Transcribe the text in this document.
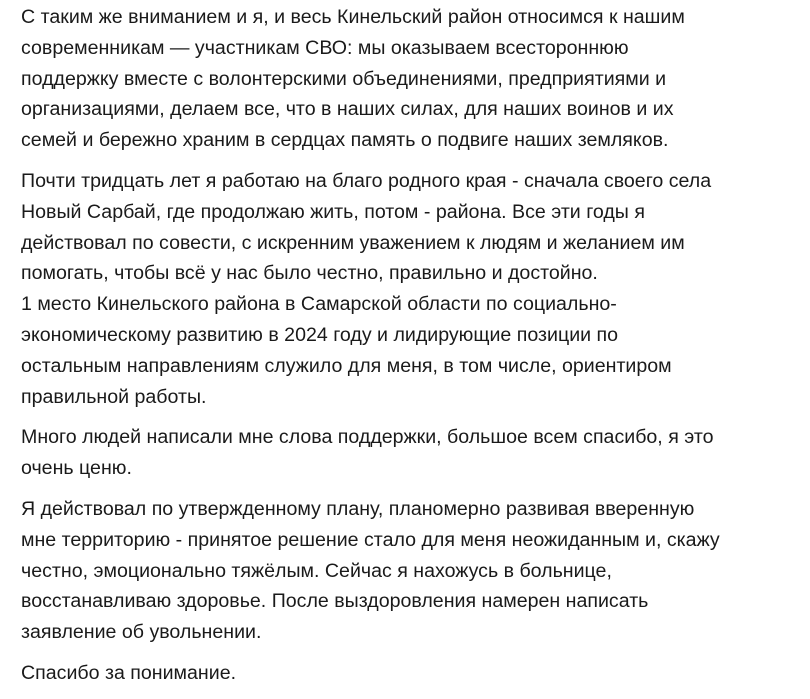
С таким же вниманием и я, и весь Кинельский район относимся к нашим
современникам — участникам СВО: мы оказываем всестороннюю
поддержку вместе с волонтерскими объединениями, предприятиями и
организациями, делаем все, что в наших силах, для наших воинов и их
семей и бережно храним в сердцах память о подвиге наших земляков.

Почти тридцать лет я работаю на благо родного края - сначала своего села
Новый Сарбай, где продолжаю жить, потом - района. Все эти годы я
действовал по совести, с искренним уважением к людям и желанием им
помогать, чтобы всё у нас было честно, правильно и достойно.
1 место Кинельского района в Самарской области по социально-
экономическому развитию в 2024 году и лидирующие позиции по
остальным направлениям служило для меня, в том числе, ориентиром
правильной работы.

Много людей написали мне слова поддержки, большое всем спасибо, я это
очень ценю.

Я действовал по утвержденному плану, планомерно развивая вверенную
мне территорию - принятое решение стало для меня неожиданным и, скажу
честно, эмоционально тяжёлым. Сейчас я нахожусь в больнице,
восстанавливаю здоровье. После выздоровления намерен написать
заявление об увольнении.

Спасибо за понимание.
